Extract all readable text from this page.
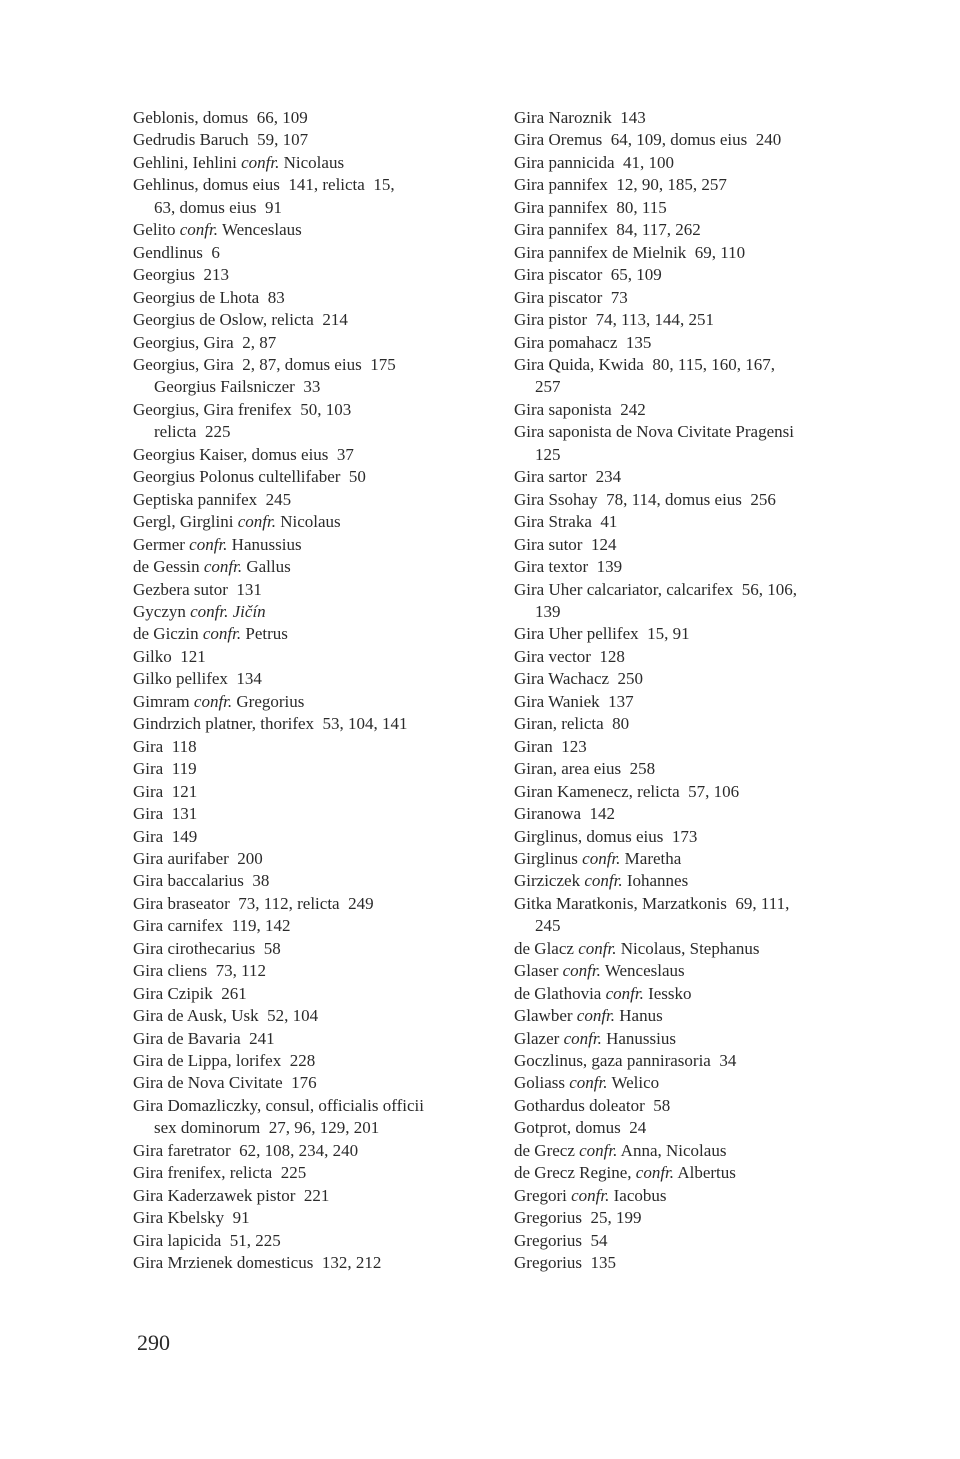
Geblonis, domus  66, 109
Gedrudis Baruch  59, 107
Gehlini, Iehlini confr. Nicolaus
Gehlinus, domus eius  141, relicta  15,
63, domus eius  91
Gelito confr. Wenceslaus
Gendlinus  6
Georgius  213
Georgius de Lhota  83
Georgius de Oslow, relicta  214
Georgius, Gira  2, 87
Georgius, Gira  2, 87, domus eius  175
Georgius Failsniczer  33
Georgius, Gira frenifex  50, 103
relicta  225
Georgius Kaiser, domus eius  37
Georgius Polonus cultellifaber  50
Geptiska pannifex  245
Gergl, Girglini confr. Nicolaus
Germer confr. Hanussius
de Gessin confr. Gallus
Gezbera sutor  131
Gyczyn confr. Jičín
de Giczin confr. Petrus
Gilko  121
Gilko pellifex  134
Gimram confr. Gregorius
Gindrzich platner, thorifex  53, 104, 141
Gira  118
Gira  119
Gira  121
Gira  131
Gira  149
Gira aurifaber  200
Gira baccalarius  38
Gira braseator  73, 112, relicta  249
Gira carnifex  119, 142
Gira cirothecarius  58
Gira cliens  73, 112
Gira Czipik  261
Gira de Ausk, Usk  52, 104
Gira de Bavaria  241
Gira de Lippa, lorifex  228
Gira de Nova Civitate  176
Gira Domazliczky, consul, officialis officii
sex dominorum  27, 96, 129, 201
Gira faretrator  62, 108, 234, 240
Gira frenifex, relicta  225
Gira Kaderzawek pistor  221
Gira Kbelsky  91
Gira lapicida  51, 225
Gira Mrzienek domesticus  132, 212
Gira Naroznik  143
Gira Oremus  64, 109, domus eius  240
Gira pannicida  41, 100
Gira pannifex  12, 90, 185, 257
Gira pannifex  80, 115
Gira pannifex  84, 117, 262
Gira pannifex de Mielnik  69, 110
Gira piscator  65, 109
Gira piscator  73
Gira pistor  74, 113, 144, 251
Gira pomahacz  135
Gira Quida, Kwida  80, 115, 160, 167,
257
Gira saponista  242
Gira saponista de Nova Civitate Pragensi
125
Gira sartor  234
Gira Ssohay  78, 114, domus eius  256
Gira Straka  41
Gira sutor  124
Gira textor  139
Gira Uher calcariator, calcarifex  56, 106,
139
Gira Uher pellifex  15, 91
Gira vector  128
Gira Wachacz  250
Gira Waniek  137
Giran, relicta  80
Giran  123
Giran, area eius  258
Giran Kamenecz, relicta  57, 106
Giranowa  142
Girglinus, domus eius  173
Girglinus confr. Maretha
Girziczek confr. Iohannes
Gitka Maratkonis, Marzatkonis  69, 111,
245
de Glacz confr. Nicolaus, Stephanus
Glaser confr. Wenceslaus
de Glathovia confr. Iessko
Glawber confr. Hanus
Glazer confr. Hanussius
Goczlinus, gaza pannirasoria  34
Goliass confr. Welico
Gothardus doleator  58
Gotprot, domus  24
de Grecz confr. Anna, Nicolaus
de Grecz Regine, confr. Albertus
Gregori confr. Iacobus
Gregorius  25, 199
Gregorius  54
Gregorius  135
290
